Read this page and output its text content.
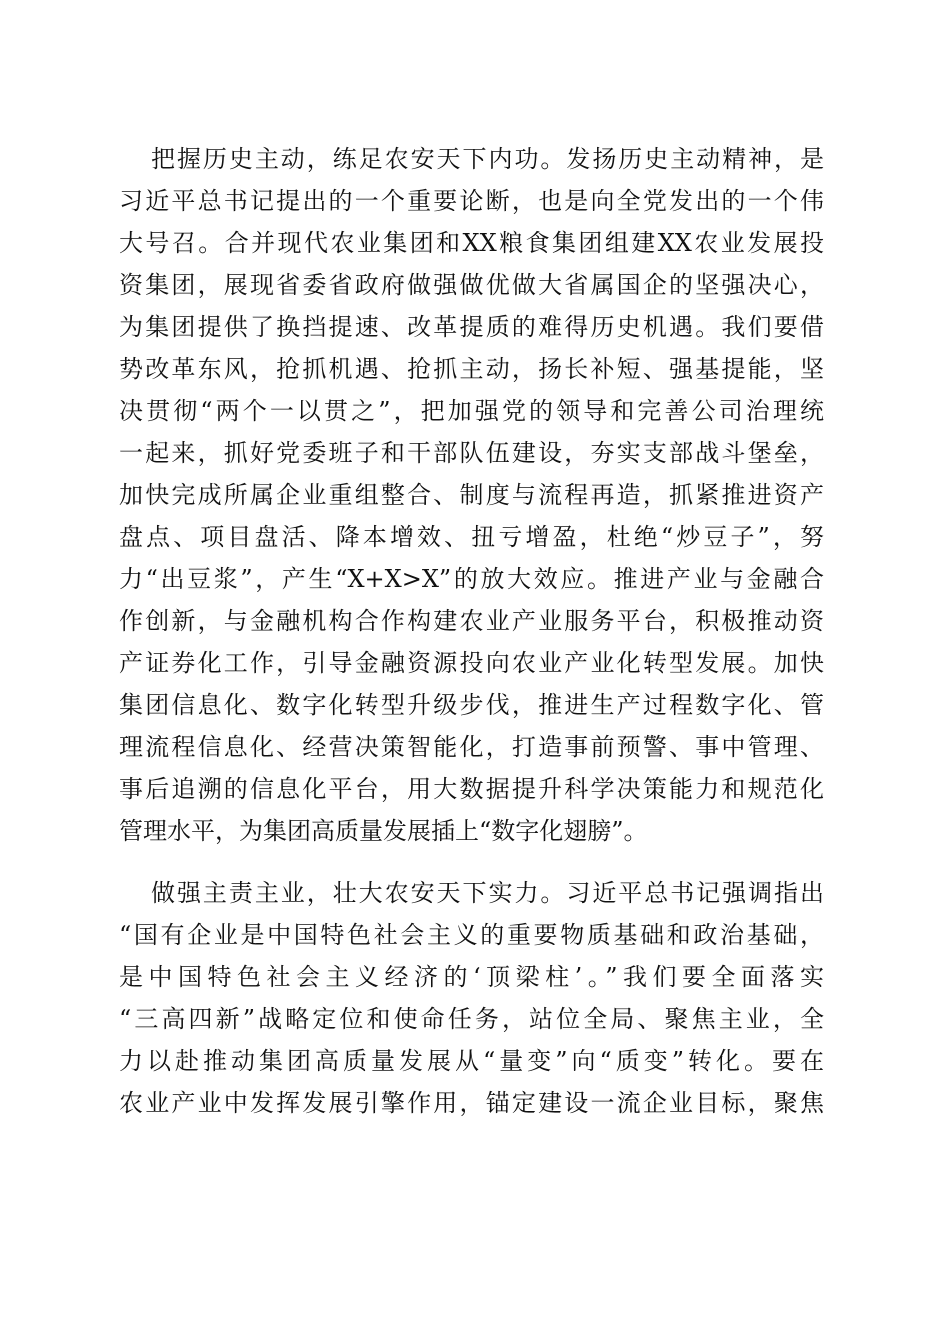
把握历史主动，练足农安天下内功。发扬历史主动精神，是
习近平总书记提出的一个重要论断，也是向全党发出的一个伟
大号召。合并现代农业集团和XX粮食集团组建XX农业发展投
资集团，展现省委省政府做强做优做大省属国企的坚强决心，
为集团提供了换挡提速、改革提质的难得历史机遇。我们要借
势改革东风，抢抓机遇、抢抓主动，扬长补短、强基提能，坚
决贯彻“两个一以贯之”，把加强党的领导和完善公司治理统
一起来，抓好党委班子和干部队伍建设，夯实支部战斗堡垒，
加快完成所属企业重组整合、制度与流程再造，抓紧推进资产
盘点、项目盘活、降本增效、扭亏增盈，杜绝“炒豆子”，努
力“出豆浆”，产生“X+X>X”的放大效应。推进产业与金融合
作创新，与金融机构合作构建农业产业服务平台，积极推动资
产证券化工作，引导金融资源投向农业产业化转型发展。加快
集团信息化、数字化转型升级步伐，推进生产过程数字化、管
理流程信息化、经营决策智能化，打造事前预警、事中管理、
事后追溯的信息化平台，用大数据提升科学决策能力和规范化
管理水平，为集团高质量发展插上“数字化翅膀”。
做强主责主业，壮大农安天下实力。习近平总书记强调指出
“国有企业是中国特色社会主义的重要物质基础和政治基础，
是中国特色社会主义经济的‘顶梁柱’。”我们要全面落实
“三高四新”战略定位和使命任务，站位全局、聚焦主业，全
力以赴推动集团高质量发展从“量变”向“质变”转化。要在
农业产业中发挥发展引擎作用，锚定建设一流企业目标，聚焦
